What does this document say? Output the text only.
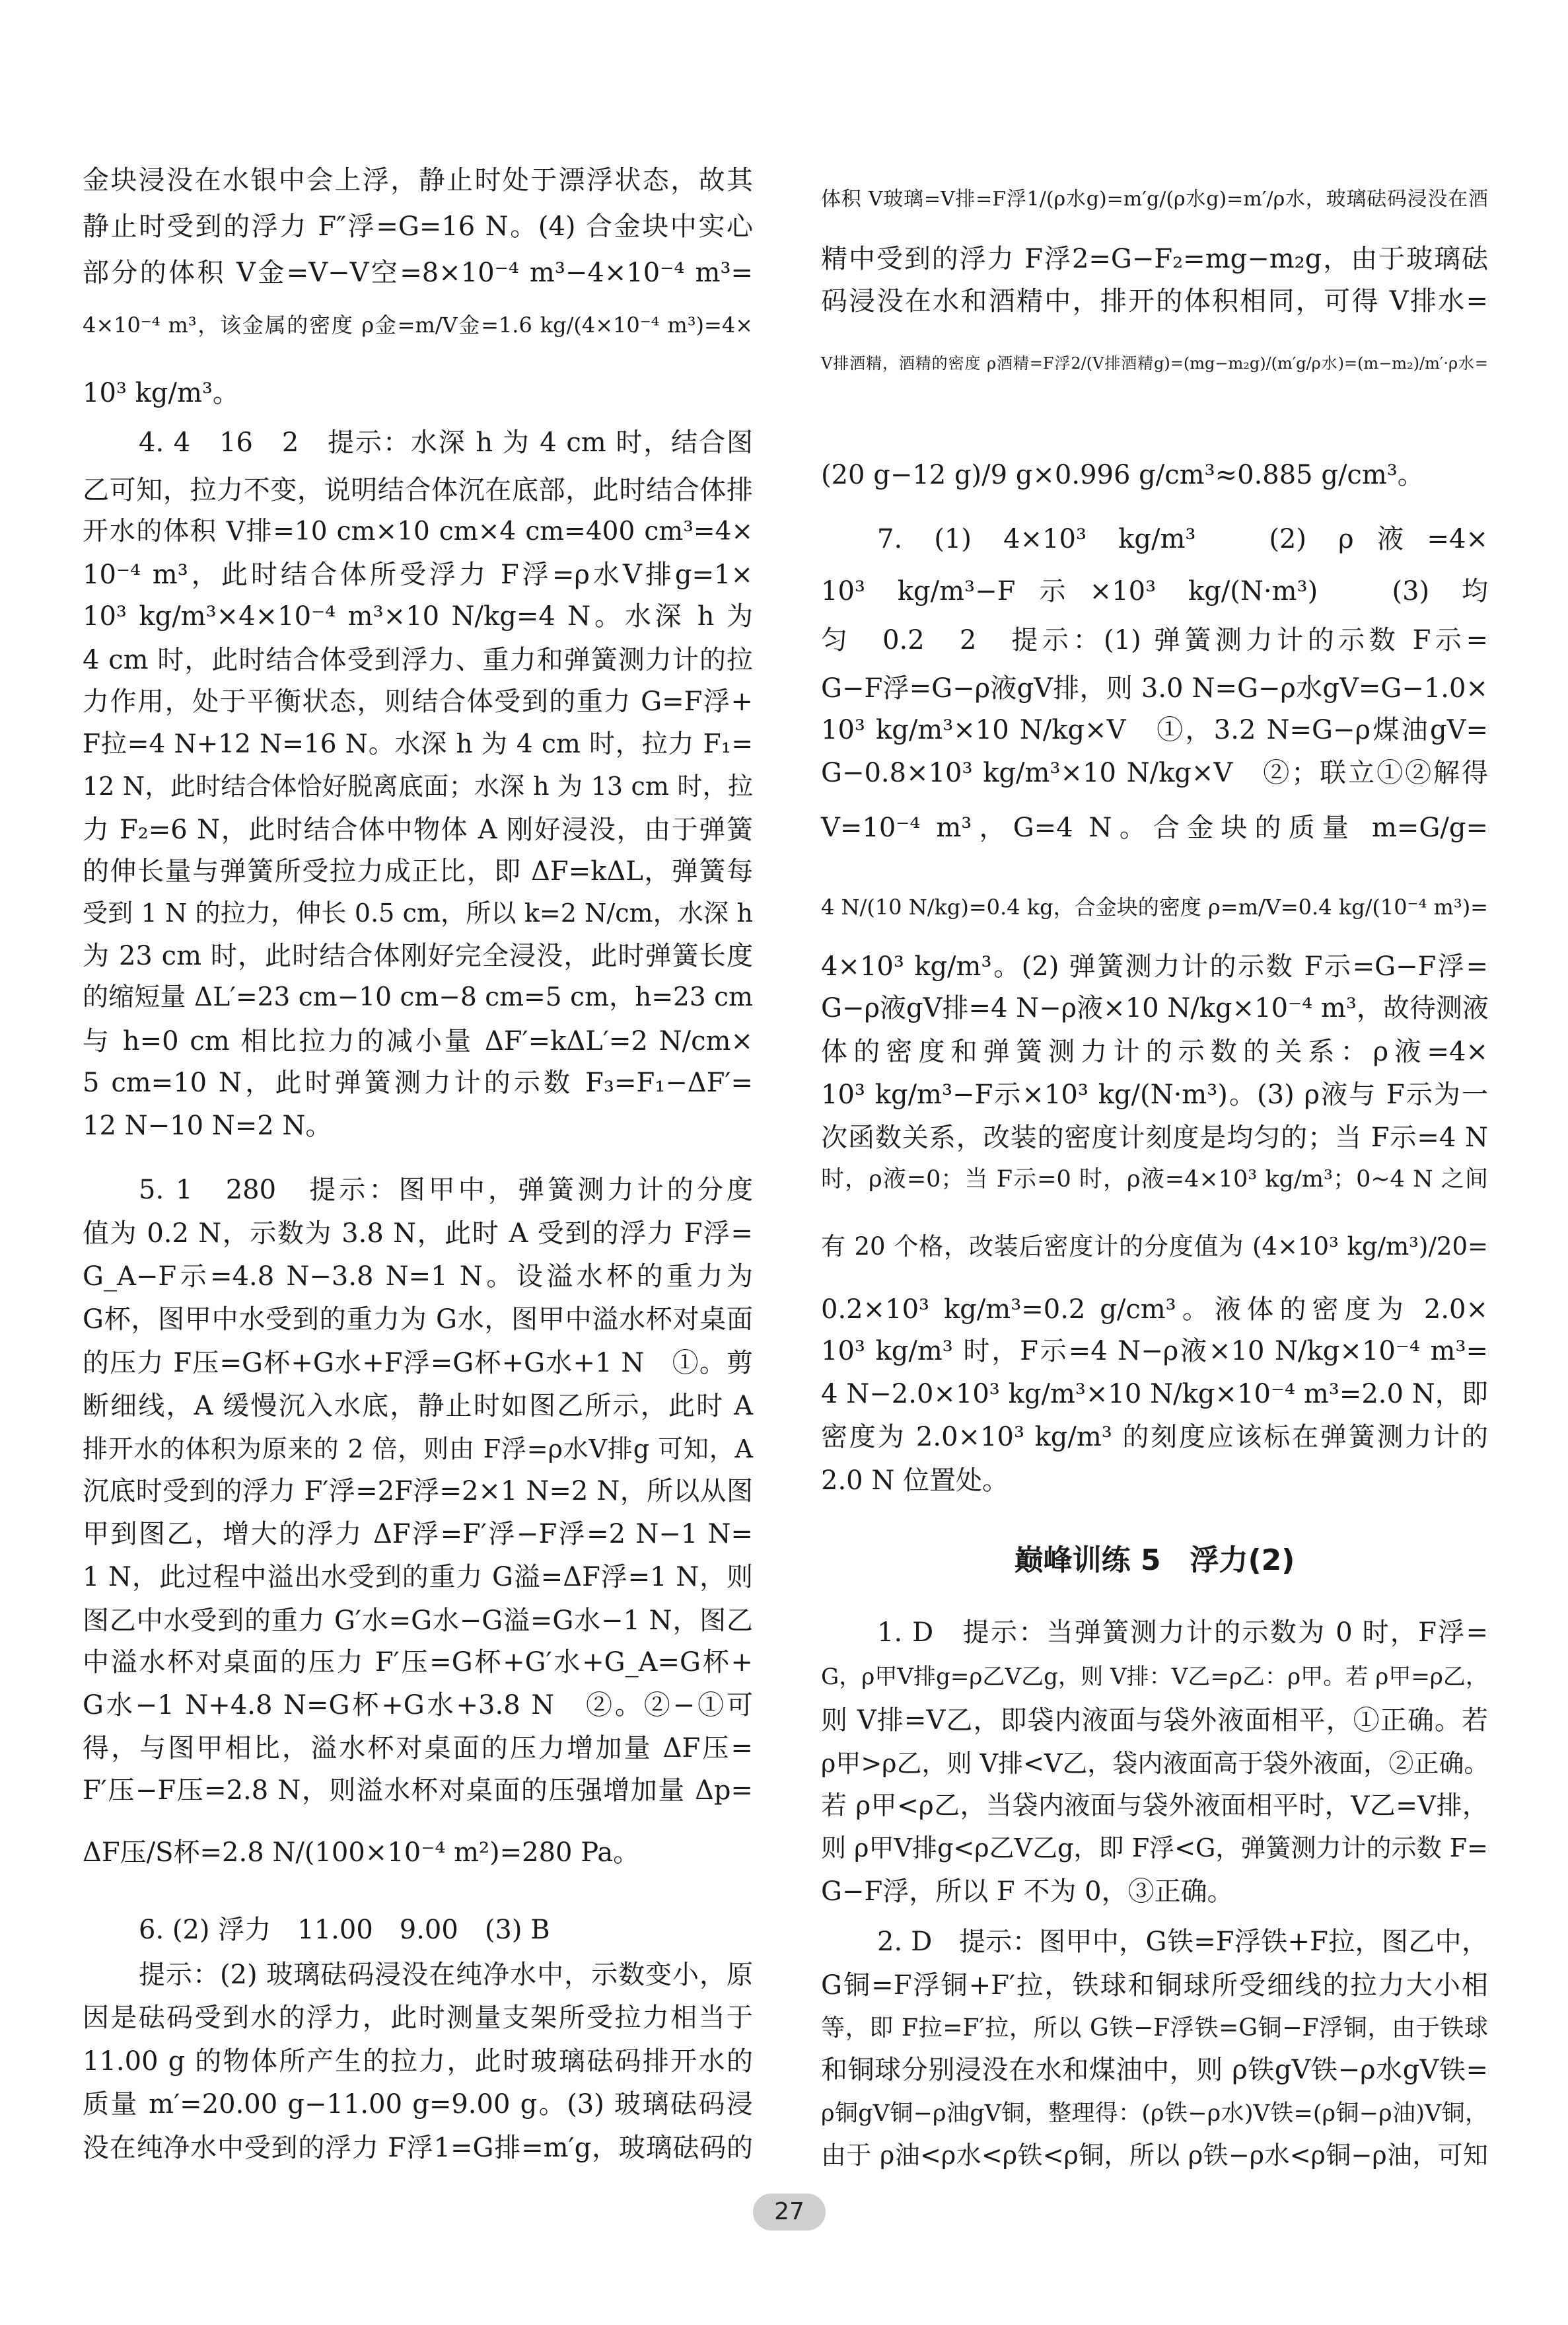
金块浸没在水银中会上浮，静止时处于漂浮状态，故其
静止时受到的浮力 F″浮=G=16 N。(4) 合金块中实心
部分的体积 V金=V−V空=8×10⁻⁴ m³−4×10⁻⁴ m³=
4×10⁻⁴ m³，该金属的密度 ρ金=m/V金=1.6 kg/(4×10⁻⁴ m³)=4×
10³ kg/m³。
4. 4　16　2　提示：水深 h 为 4 cm 时，结合图
乙可知，拉力不变，说明结合体沉在底部，此时结合体排
开水的体积 V排=10 cm×10 cm×4 cm=400 cm³=4×
10⁻⁴ m³，此时结合体所受浮力 F浮=ρ水V排g=1×
10³ kg/m³×4×10⁻⁴ m³×10 N/kg=4 N。水深 h 为
4 cm 时，此时结合体受到浮力、重力和弹簧测力计的拉
力作用，处于平衡状态，则结合体受到的重力 G=F浮+
F拉=4 N+12 N=16 N。水深 h 为 4 cm 时，拉力 F₁=
12 N，此时结合体恰好脱离底面；水深 h 为 13 cm 时，拉
力 F₂=6 N，此时结合体中物体 A 刚好浸没，由于弹簧
的伸长量与弹簧所受拉力成正比，即 ΔF=kΔL，弹簧每
受到 1 N 的拉力，伸长 0.5 cm，所以 k=2 N/cm，水深 h
为 23 cm 时，此时结合体刚好完全浸没，此时弹簧长度
的缩短量 ΔL′=23 cm−10 cm−8 cm=5 cm，h=23 cm
与 h=0 cm 相比拉力的减小量 ΔF′=kΔL′=2 N/cm×
5 cm=10 N，此时弹簧测力计的示数 F₃=F₁−ΔF′=
12 N−10 N=2 N。
5. 1　280　提示：图甲中，弹簧测力计的分度
值为 0.2 N，示数为 3.8 N，此时 A 受到的浮力 F浮=
G_A−F示=4.8 N−3.8 N=1 N。设溢水杯的重力为
G杯，图甲中水受到的重力为 G水，图甲中溢水杯对桌面
的压力 F压=G杯+G水+F浮=G杯+G水+1 N　①。剪
断细线，A 缓慢沉入水底，静止时如图乙所示，此时 A
排开水的体积为原来的 2 倍，则由 F浮=ρ水V排g 可知，A
沉底时受到的浮力 F′浮=2F浮=2×1 N=2 N，所以从图
甲到图乙，增大的浮力 ΔF浮=F′浮−F浮=2 N−1 N=
1 N，此过程中溢出水受到的重力 G溢=ΔF浮=1 N，则
图乙中水受到的重力 G′水=G水−G溢=G水−1 N，图乙
中溢水杯对桌面的压力 F′压=G杯+G′水+G_A=G杯+
G水−1 N+4.8 N=G杯+G水+3.8 N　②。②−①可
得，与图甲相比，溢水杯对桌面的压力增加量 ΔF压=
F′压−F压=2.8 N，则溢水杯对桌面的压强增加量 Δp=
ΔF压/S杯=2.8 N/(100×10⁻⁴ m²)=280 Pa。
6. (2) 浮力　11.00　9.00　(3) B
提示：(2) 玻璃砝码浸没在纯净水中，示数变小，原
因是砝码受到水的浮力，此时测量支架所受拉力相当于
11.00 g 的物体所产生的拉力，此时玻璃砝码排开水的
质量 m′=20.00 g−11.00 g=9.00 g。(3) 玻璃砝码浸
没在纯净水中受到的浮力 F浮1=G排=m′g，玻璃砝码的
体积 V玻璃=V排=F浮1/(ρ水g)=m′g/(ρ水g)=m′/ρ水，玻璃砝码浸没在酒
精中受到的浮力 F浮2=G−F₂=mg−m₂g，由于玻璃砝
码浸没在水和酒精中，排开的体积相同，可得 V排水=
V排酒精，酒精的密度 ρ酒精=F浮2/(V排酒精g)=(mg−m₂g)/(m′g/ρ水)=(m−m₂)/m′·ρ水=
(20 g−12 g)/9 g×0.996 g/cm³≈0.885 g/cm³。
7. (1) 4×10³ kg/m³　(2) ρ液=4×
10³ kg/m³−F示×10³ kg/(N·m³)　(3) 均
匀　0.2　2　提示：(1) 弹簧测力计的示数 F示=
G−F浮=G−ρ液gV排，则 3.0 N=G−ρ水gV=G−1.0×
10³ kg/m³×10 N/kg×V　①，3.2 N=G−ρ煤油gV=
G−0.8×10³ kg/m³×10 N/kg×V　②；联立①②解得
V=10⁻⁴ m³，G=4 N。合金块的质量 m=G/g=
4 N/(10 N/kg)=0.4 kg，合金块的密度 ρ=m/V=0.4 kg/(10⁻⁴ m³)=
4×10³ kg/m³。(2) 弹簧测力计的示数 F示=G−F浮=
G−ρ液gV排=4 N−ρ液×10 N/kg×10⁻⁴ m³，故待测液
体的密度和弹簧测力计的示数的关系：ρ液=4×
10³ kg/m³−F示×10³ kg/(N·m³)。(3) ρ液与 F示为一
次函数关系，改装的密度计刻度是均匀的；当 F示=4 N
时，ρ液=0；当 F示=0 时，ρ液=4×10³ kg/m³；0~4 N 之间
有 20 个格，改装后密度计的分度值为 (4×10³ kg/m³)/20=
0.2×10³ kg/m³=0.2 g/cm³。液体的密度为 2.0×
10³ kg/m³ 时，F示=4 N−ρ液×10 N/kg×10⁻⁴ m³=
4 N−2.0×10³ kg/m³×10 N/kg×10⁻⁴ m³=2.0 N，即
密度为 2.0×10³ kg/m³ 的刻度应该标在弹簧测力计的
2.0 N 位置处。
1. D　提示：当弹簧测力计的示数为 0 时，F浮=
G，ρ甲V排g=ρ乙V乙g，则 V排：V乙=ρ乙：ρ甲。若 ρ甲=ρ乙，
则 V排=V乙，即袋内液面与袋外液面相平，①正确。若
ρ甲>ρ乙，则 V排<V乙，袋内液面高于袋外液面，②正确。
若 ρ甲<ρ乙，当袋内液面与袋外液面相平时，V乙=V排，
则 ρ甲V排g<ρ乙V乙g，即 F浮<G，弹簧测力计的示数 F=
G−F浮，所以 F 不为 0，③正确。
2. D　提示：图甲中，G铁=F浮铁+F拉，图乙中，
G铜=F浮铜+F′拉，铁球和铜球所受细线的拉力大小相
等，即 F拉=F′拉，所以 G铁−F浮铁=G铜−F浮铜，由于铁球
和铜球分别浸没在水和煤油中，则 ρ铁gV铁−ρ水gV铁=
ρ铜gV铜−ρ油gV铜，整理得：(ρ铁−ρ水)V铁=(ρ铜−ρ油)V铜，
由于 ρ油<ρ水<ρ铁<ρ铜，所以 ρ铁−ρ水<ρ铜−ρ油，可知
巅峰训练 5　浮力(2)
27
